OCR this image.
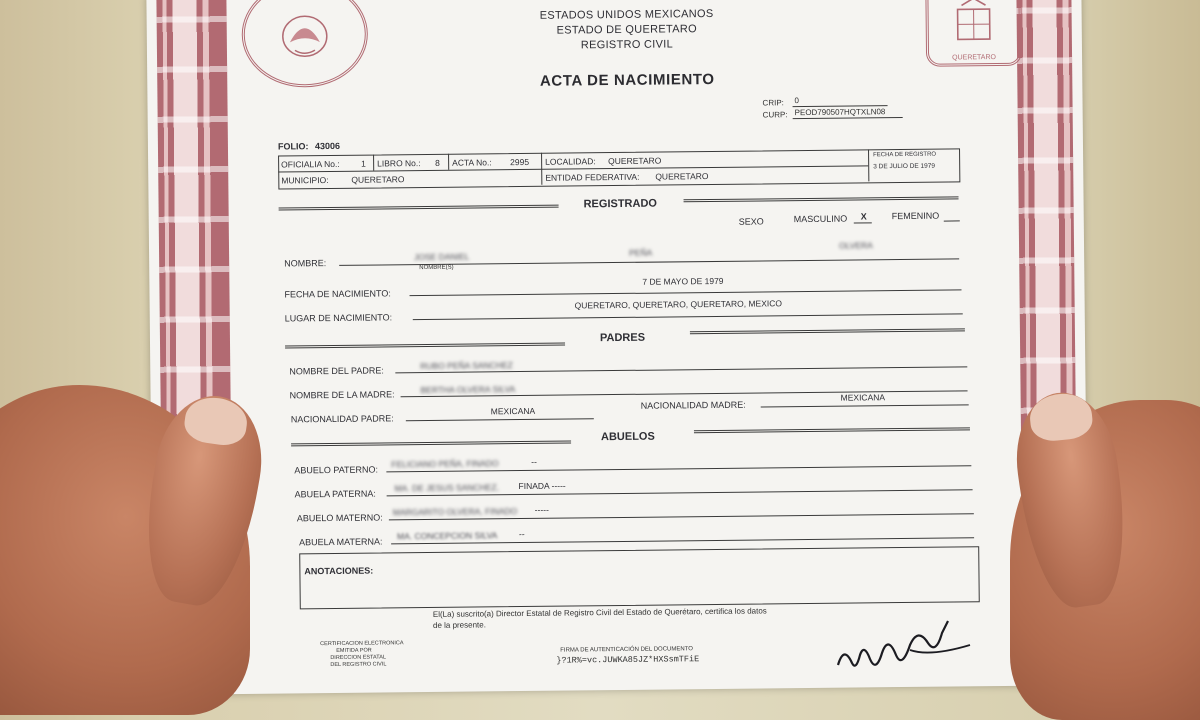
QUERETARO
ESTADOS UNIDOS MEXICANOS
ESTADO DE QUERETARO
REGISTRO CIVIL
ACTA DE NACIMIENTO
CRIP: 0
CURP: PEOD790507HQTXLN08
FOLIO: 43006
OFICIALIA No.:	1 LIBRO No.: 8 ACTA No.: 2995 LOCALIDAD: QUERETARO
FECHA DE REGISTRO
3 DE JULIO DE 1979
MUNICIPIO:	QUERETARO	ENTIDAD FEDERATIVA: QUERETARO
REGISTRADO
SEXO	MASCULINO X	FEMENINO
NOMBRE:
JOSE DANIEL	PEÑA
OLVERA
NOMBRE(S)
FECHA DE NACIMIENTO:
7 DE MAYO DE 1979
LUGAR DE NACIMIENTO:
QUERETARO, QUERETARO, QUERETARO, MEXICO
PADRES
NOMBRE DEL PADRE:	RUBO PEÑA SANCHEZ
NOMBRE DE LA MADRE:	BERTHA OLVERA SILVA
NACIONALIDAD PADRE:
MEXICANA
NACIONALIDAD MADRE:
MEXICANA
ABUELOS
ABUELO PATERNO:
FELICIANO PEÑA, FINADO	--
ABUELA PATERNA:
MA. DE JESUS SANCHEZ, FINADA -----
ABUELO MATERNO:
MARGARITO OLVERA, FINADO -----
ABUELA MATERNA:
MA. CONCEPCION SILVA	--
ANOTACIONES:
El(La) suscrito(a) Director Estatal de Registro Civil del Estado de Querétaro, certifica los datos
de la presente.
CERTIFICACION ELECTRONICA
EMITIDA POR
DIRECCION ESTATAL
DEL REGISTRO CIVIL
FIRMA DE AUTENTICACIÓN DEL DOCUMENTO
}?1R%=vc.JUWKA85JZ*HXSsmTFiE
